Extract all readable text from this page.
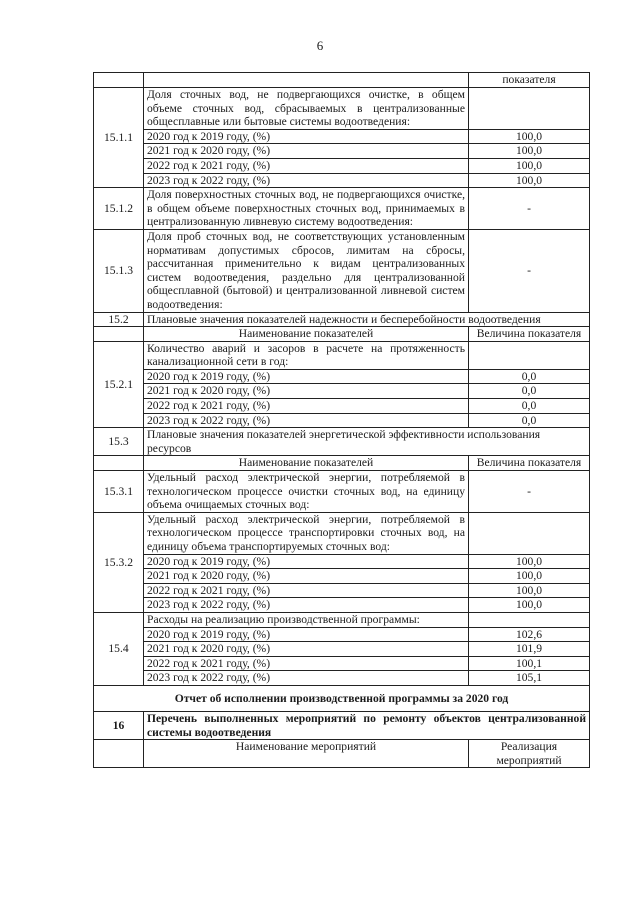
6
		показателя
15.1.1	Доля сточных вод, не подвергающихся очистке, в общем объеме сточных вод, сбрасываемых в централизованные общесплавные или бытовые системы водоотведения:	
	2020 год к 2019 году, (%)	100,0
	2021 год к 2020 году, (%)	100,0
	2022 год к 2021 году, (%)	100,0
	2023 год к 2022 году, (%)	100,0
15.1.2	Доля поверхностных сточных вод, не подвергающихся очистке, в общем объеме поверхностных сточных вод, принимаемых в централизованную ливневую систему водоотведения:	-
15.1.3	Доля проб сточных вод, не соответствующих установленным нормативам допустимых сбросов, лимитам на сбросы, рассчитанная применительно к видам централизованных систем водоотведения, раздельно для централизованной общесплавной (бытовой) и централизованной ливневой систем водоотведения:	-
15.2	Плановые значения показателей надежности и бесперебойности водоотведения	
	Наименование показателей	Величина показателя
15.2.1	Количество аварий и засоров в расчете на протяженность канализационной сети в год:	
	2020 год к 2019 году, (%)	0,0
	2021 год к 2020 году, (%)	0,0
	2022 год к 2021 году, (%)	0,0
	2023 год к 2022 году, (%)	0,0
15.3	Плановые значения показателей энергетической эффективности использования ресурсов	
	Наименование показателей	Величина показателя
15.3.1	Удельный расход электрической энергии, потребляемой в технологическом процессе очистки сточных вод, на единицу объема очищаемых сточных вод:	-
15.3.2	Удельный расход электрической энергии, потребляемой в технологическом процессе транспортировки сточных вод, на единицу объема транспортируемых сточных вод:	
	2020 год к 2019 году, (%)	100,0
	2021 год к 2020 году, (%)	100,0
	2022 год к 2021 году, (%)	100,0
	2023 год к 2022 году, (%)	100,0
15.4	Расходы на реализацию производственной программы:	
	2020 год к 2019 году, (%)	102,6
	2021 год к 2020 году, (%)	101,9
	2022 год к 2021 году, (%)	100,1
	2023 год к 2022 году, (%)	105,1
Отчет об исполнении производственной программы за 2020 год		
16	Перечень выполненных мероприятий по ремонту объектов централизованной системы водоотведения	
	Наименование мероприятий	Реализация мероприятий
